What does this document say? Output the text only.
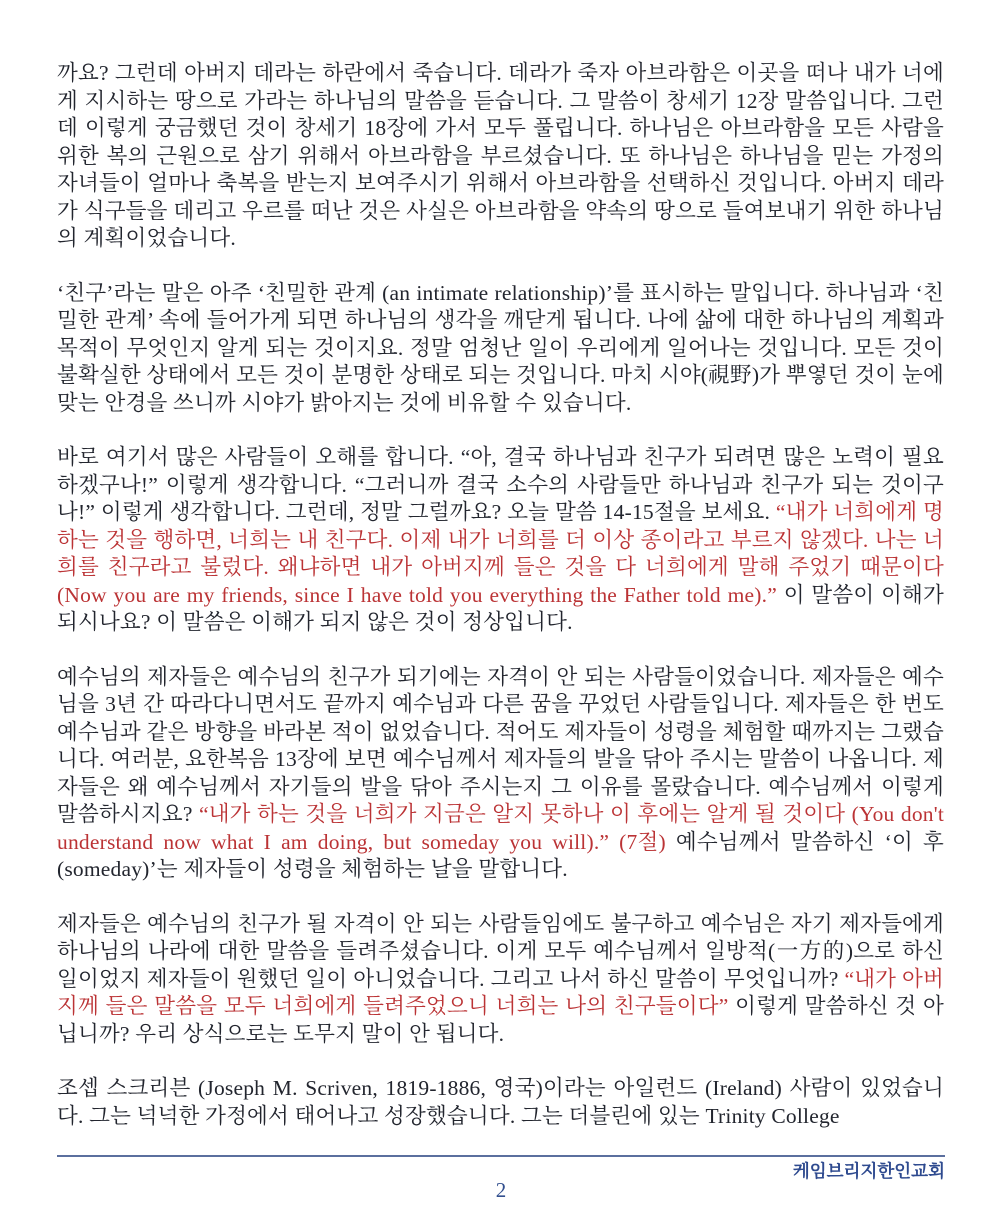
까요? 그런데 아버지 데라는 하란에서 죽습니다. 데라가 죽자 아브라함은 이곳을 떠나 내가 너에게 지시하는 땅으로 가라는 하나님의 말씀을 듣습니다. 그 말씀이 창세기 12장 말씀입니다. 그런데 이렇게 궁금했던 것이 창세기 18장에 가서 모두 풀립니다. 하나님은 아브라함을 모든 사람을 위한 복의 근원으로 삼기 위해서 아브라함을 부르셨습니다. 또 하나님은 하나님을 믿는 가정의 자녀들이 얼마나 축복을 받는지 보여주시기 위해서 아브라함을 선택하신 것입니다. 아버지 데라가 식구들을 데리고 우르를 떠난 것은 사실은 아브라함을 약속의 땅으로 들여보내기 위한 하나님의 계획이었습니다.

‘친구’라는 말은 아주 ‘친밀한 관계 (an intimate relationship)’를 표시하는 말입니다. 하나님과 ‘친밀한 관계’ 속에 들어가게 되면 하나님의 생각을 깨닫게 됩니다. 나에 삶에 대한 하나님의 계획과 목적이 무엇인지 알게 되는 것이지요. 정말 엄청난 일이 우리에게 일어나는 것입니다. 모든 것이 불확실한 상태에서 모든 것이 분명한 상태로 되는 것입니다. 마치 시야(視野)가 뿌옇던 것이 눈에 맞는 안경을 쓰니까 시야가 밝아지는 것에 비유할 수 있습니다.

바로 여기서 많은 사람들이 오해를 합니다. “아, 결국 하나님과 친구가 되려면 많은 노력이 필요하겠구나!” 이렇게 생각합니다. “그러니까 결국 소수의 사람들만 하나님과 친구가 되는 것이구나!” 이렇게 생각합니다. 그런데, 정말 그럴까요? 오늘 말씀 14-15절을 보세요. “내가 너희에게 명하는 것을 행하면, 너희는 내 친구다. 이제 내가 너희를 더 이상 종이라고 부르지 않겠다. 나는 너희를 친구라고 불렀다. 왜냐하면 내가 아버지께 들은 것을 다 너희에게 말해 주었기 때문이다 (Now you are my friends, since I have told you everything the Father told me).” 이 말씀이 이해가 되시나요? 이 말씀은 이해가 되지 않은 것이 정상입니다.

예수님의 제자들은 예수님의 친구가 되기에는 자격이 안 되는 사람들이었습니다. 제자들은 예수님을 3년 간 따라다니면서도 끝까지 예수님과 다른 꿈을 꾸었던 사람들입니다. 제자들은 한 번도 예수님과 같은 방향을 바라본 적이 없었습니다. 적어도 제자들이 성령을 체험할 때까지는 그랬습니다. 여러분, 요한복음 13장에 보면 예수님께서 제자들의 발을 닦아 주시는 말씀이 나옵니다. 제자들은 왜 예수님께서 자기들의 발을 닦아 주시는지 그 이유를 몰랐습니다. 예수님께서 이렇게 말씀하시지요? “내가 하는 것을 너희가 지금은 알지 못하나 이 후에는 알게 될 것이다 (You don't understand now what I am doing, but someday you will).” (7절) 예수님께서 말씀하신 ‘이 후 (someday)’는 제자들이 성령을 체험하는 날을 말합니다.

제자들은 예수님의 친구가 될 자격이 안 되는 사람들임에도 불구하고 예수님은 자기 제자들에게 하나님의 나라에 대한 말씀을 들려주셨습니다. 이게 모두 예수님께서 일방적(一方的)으로 하신 일이었지 제자들이 원했던 일이 아니었습니다. 그리고 나서 하신 말씀이 무엇입니까? “내가 아버지께 들은 말씀을 모두 너희에게 들려주었으니 너희는 나의 친구들이다” 이렇게 말씀하신 것 아닙니까? 우리 상식으로는 도무지 말이 안 됩니다.

조셉 스크리븐 (Joseph M. Scriven, 1819-1886, 영국)이라는 아일런드 (Ireland) 사람이 있었습니다. 그는 넉넉한 가정에서 태어나고 성장했습니다. 그는 더블린에 있는 Trinity College

케임브리지한인교회
2
